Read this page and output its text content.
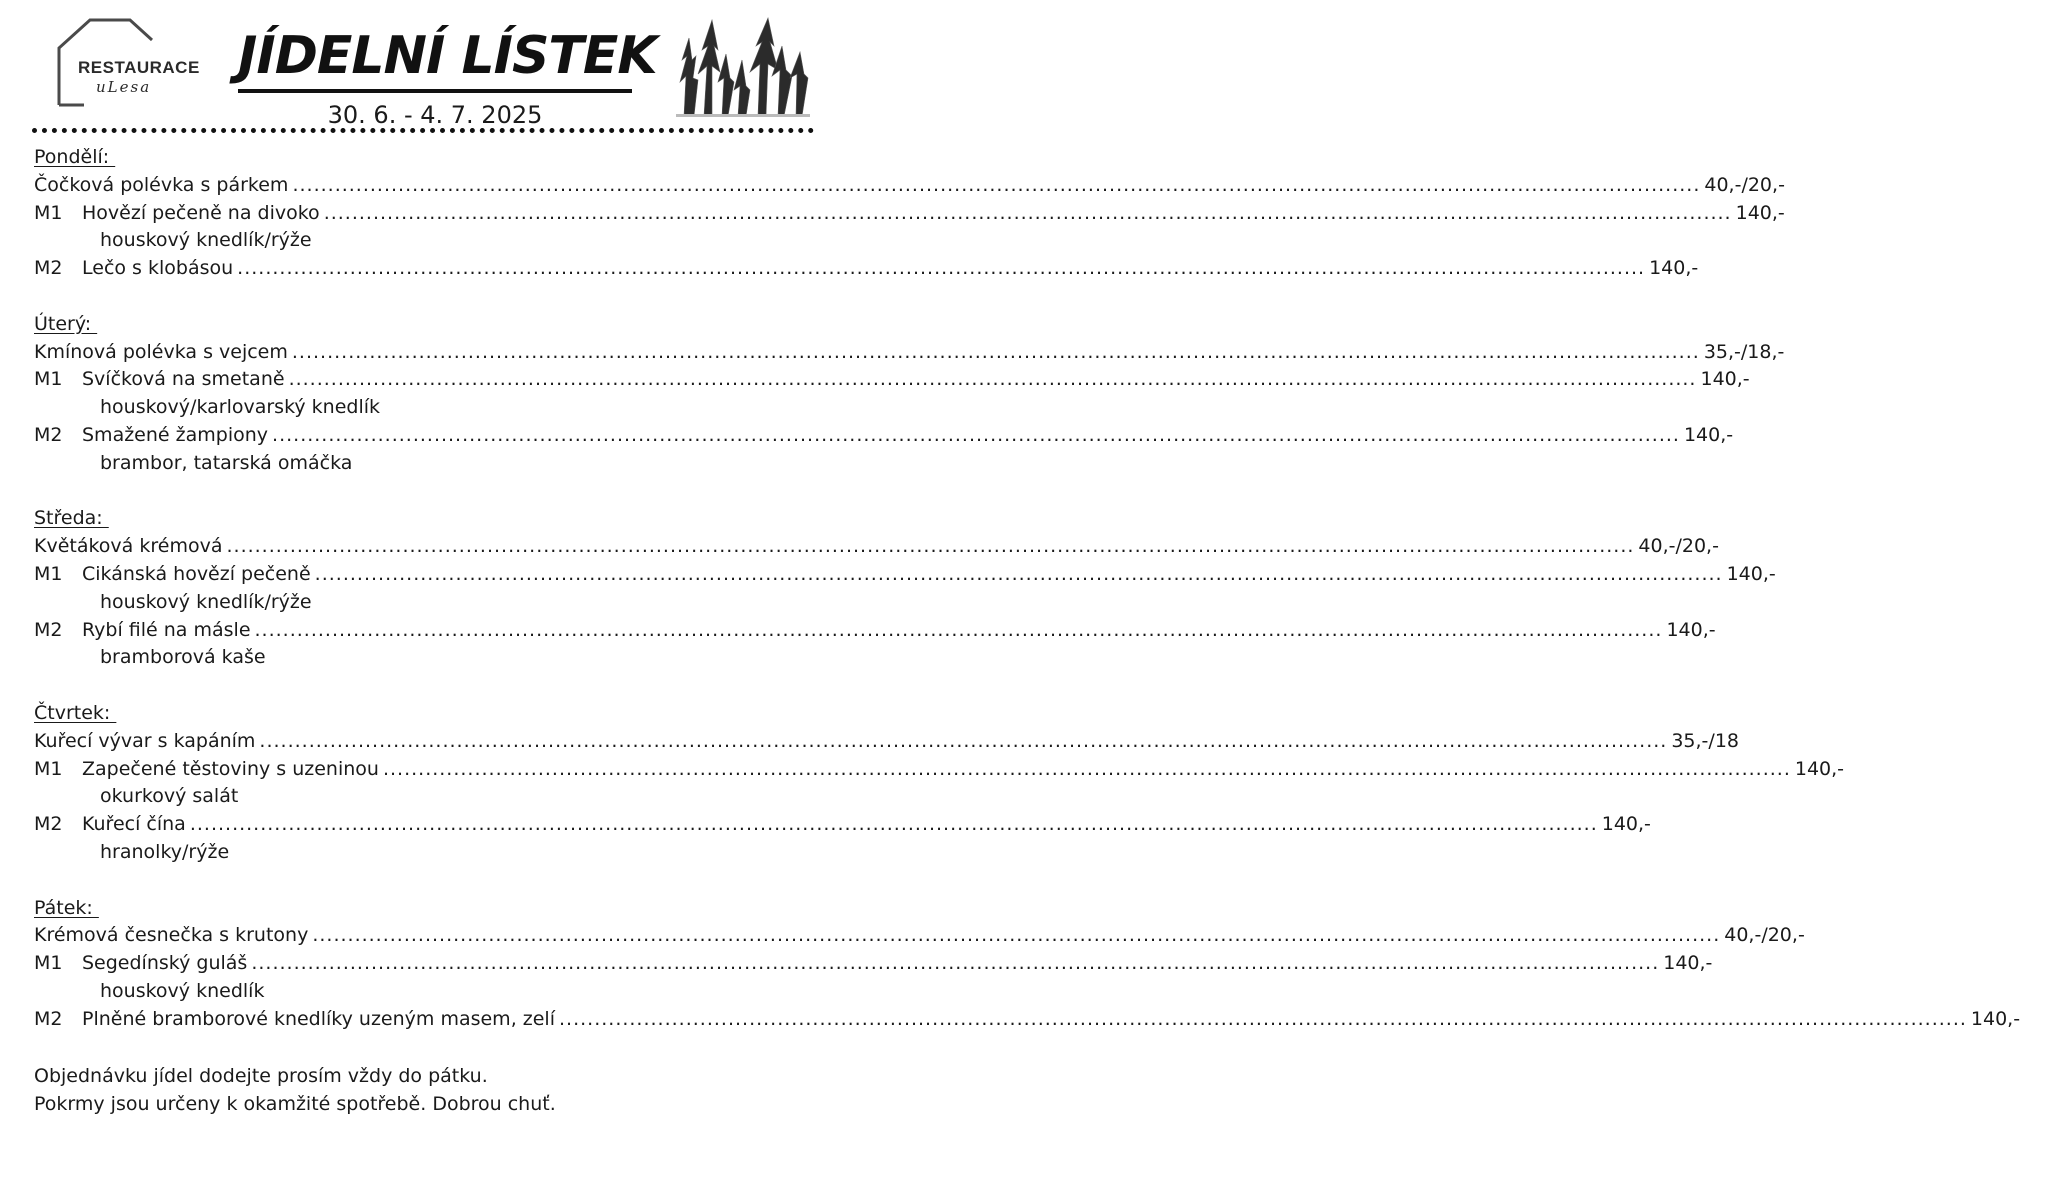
RESTAURACE
uLesa
JÍDELNÍ LÍSTEK
30. 6. - 4. 7. 2025
Pondělí:
Čočková polévka s párkem ........................................................................................................................................................................................................ 40,-/20,-
M1	Hovězí pečeně na divoko ........................................................................................................................................................................................................ 140,-
houskový knedlík/rýže
M2	Lečo s klobásou ........................................................................................................................................................................................................ 140,-
Úterý:
Kmínová polévka s vejcem ........................................................................................................................................................................................................ 35,-/18,-
M1	Svíčková na smetaně ........................................................................................................................................................................................................ 140,-
houskový/karlovarský knedlík
M2	Smažené žampiony ........................................................................................................................................................................................................ 140,-
brambor, tatarská omáčka
Středa:
Květáková krémová ........................................................................................................................................................................................................ 40,-/20,-
M1	Cikánská hovězí pečeně ........................................................................................................................................................................................................ 140,-
houskový knedlík/rýže
M2	Rybí filé na másle ........................................................................................................................................................................................................ 140,-
bramborová kaše
Čtvrtek:
Kuřecí vývar s kapáním ........................................................................................................................................................................................................ 35,-/18
M1	Zapečené těstoviny s uzeninou ........................................................................................................................................................................................................ 140,-
okurkový salát
M2	Kuřecí čína ........................................................................................................................................................................................................ 140,-
hranolky/rýže
Pátek:
Krémová česnečka s krutony ........................................................................................................................................................................................................ 40,-/20,-
M1	Segedínský guláš ........................................................................................................................................................................................................ 140,-
houskový knedlík
M2	Plněné bramborové knedlíky uzeným masem, zelí ........................................................................................................................................................................................................ 140,-
Objednávku jídel dodejte prosím vždy do pátku.
Pokrmy jsou určeny k okamžité spotřebě. Dobrou chuť.
